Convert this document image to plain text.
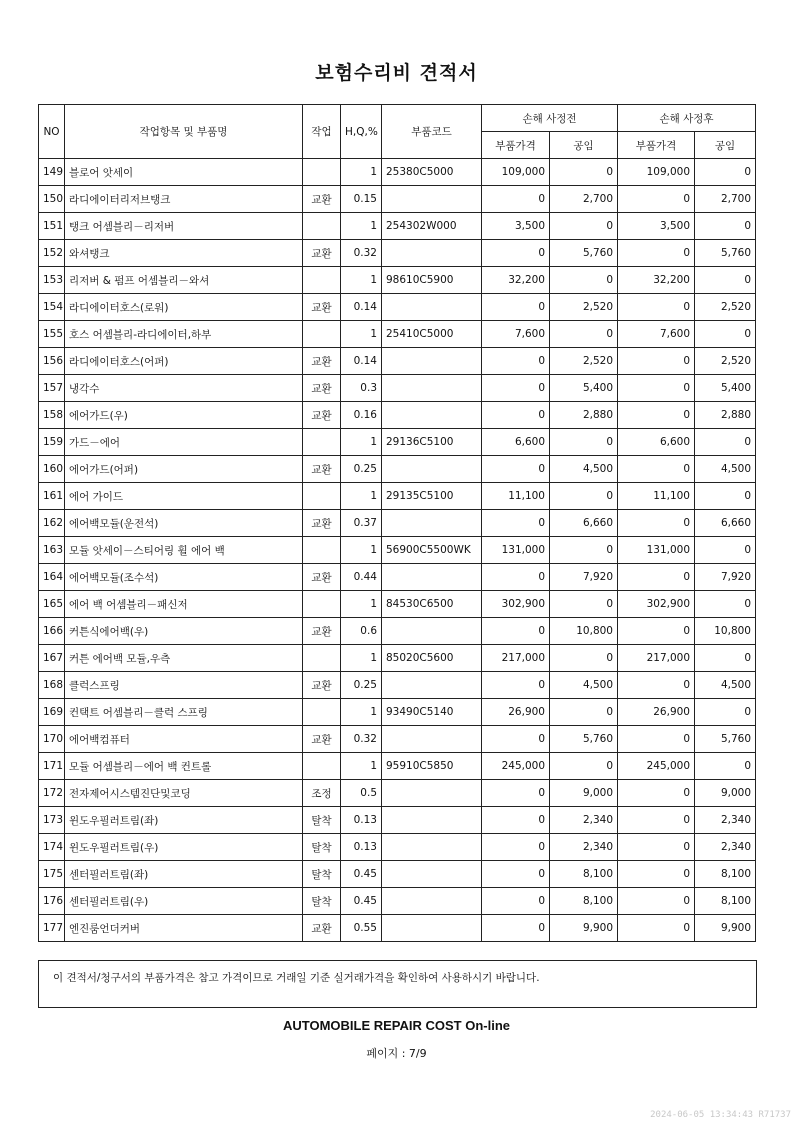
보험수리비 견적서
NO	작업항목 및 부품명	작업	H,Q,%	부품코드	손해 사정전		손해 사정후	
					부품가격	공임	부품가격	공임
149	블로어 앗세이		1	25380C5000	109,000	0	109,000	0
150	라디에이터리저브탱크	교환	0.15		0	2,700	0	2,700
151	탱크 어셈블리－리저버		1	254302W000	3,500	0	3,500	0
152	와셔탱크	교환	0.32		0	5,760	0	5,760
153	리저버 & 펌프 어셈블리－와셔		1	98610C5900	32,200	0	32,200	0
154	라디에이터호스(로워)	교환	0.14		0	2,520	0	2,520
155	호스 어셈블리-라디에이터,하부		1	25410C5000	7,600	0	7,600	0
156	라디에이터호스(어퍼)	교환	0.14		0	2,520	0	2,520
157	냉각수	교환	0.3		0	5,400	0	5,400
158	에어가드(우)	교환	0.16		0	2,880	0	2,880
159	가드－에어		1	29136C5100	6,600	0	6,600	0
160	에어가드(어퍼)	교환	0.25		0	4,500	0	4,500
161	에어 가이드		1	29135C5100	11,100	0	11,100	0
162	에어백모듈(운전석)	교환	0.37		0	6,660	0	6,660
163	모듈 앗세이－스티어링 휠 에어 백		1	56900C5500WK	131,000	0	131,000	0
164	에어백모듈(조수석)	교환	0.44		0	7,920	0	7,920
165	에어 백 어셈블리－패신저		1	84530C6500	302,900	0	302,900	0
166	커튼식에어백(우)	교환	0.6		0	10,800	0	10,800
167	커튼 에어백 모듈,우측		1	85020C5600	217,000	0	217,000	0
168	클럭스프링	교환	0.25		0	4,500	0	4,500
169	컨택트 어셈블리－클럭 스프링		1	93490C5140	26,900	0	26,900	0
170	에어백컴퓨터	교환	0.32		0	5,760	0	5,760
171	모듈 어셈블리－에어 백 컨트롤		1	95910C5850	245,000	0	245,000	0
172	전자제어시스템진단및코딩	조정	0.5		0	9,000	0	9,000
173	윈도우필러트림(좌)	탈착	0.13		0	2,340	0	2,340
174	윈도우필러트림(우)	탈착	0.13		0	2,340	0	2,340
175	센터필러트림(좌)	탈착	0.45		0	8,100	0	8,100
176	센터필러트림(우)	탈착	0.45		0	8,100	0	8,100
177	엔진룸언더커버	교환	0.55		0	9,900	0	9,900
이 견적서/청구서의 부품가격은 참고 가격이므로 거래일 기준 실거래가격을 확인하여 사용하시기 바랍니다.
AUTOMOBILE REPAIR COST On-line
페이지 : 7/9
2024-06-05 13:34:43 R71737
